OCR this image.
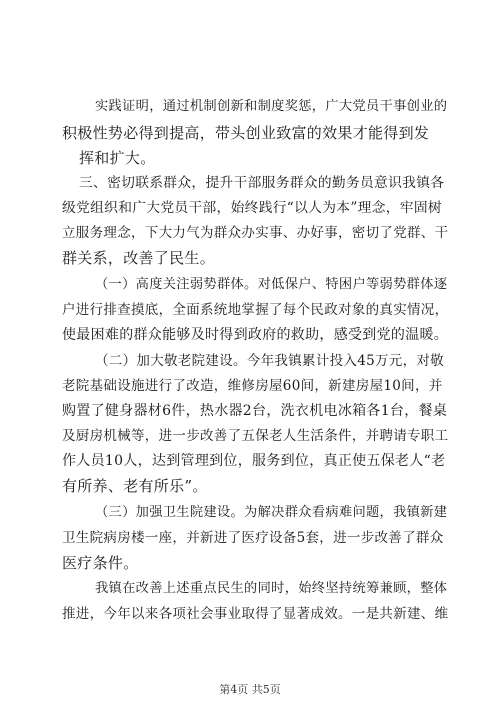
实践证明，通过机制创新和制度奖惩，广大党员干事创业的
积极性势必得到提高，带头创业致富的效果才能得到发
挥和扩大。
三、密切联系群众，提升干部服务群众的勤务员意识我镇各
级党组织和广大党员干部，始终践行“以人为本”理念，牢固树
立服务理念，下大力气为群众办实事、办好事，密切了党群、干
群关系，改善了民生。
（一）高度关注弱势群体。对低保户、特困户等弱势群体逐
户进行排查摸底，全面系统地掌握了每个民政对象的真实情况，
使最困难的群众能够及时得到政府的救助，感受到党的温暖。
（二）加大敬老院建设。今年我镇累计投入45万元，对敬
老院基础设施进行了改造，维修房屋60间，新建房屋10间，并
购置了健身器材6件，热水器2台，洗衣机电冰箱各1台，餐桌
及厨房机械等，进一步改善了五保老人生活条件，并聘请专职工
作人员10人，达到管理到位，服务到位，真正使五保老人“老
有所养、老有所乐”。
（三）加强卫生院建设。为解决群众看病难问题，我镇新建
卫生院病房楼一座，并新进了医疗设备5套，进一步改善了群众
医疗条件。
我镇在改善上述重点民生的同时，始终坚持统筹兼顾，整体
推进，今年以来各项社会事业取得了显著成效。一是共新建、维
第4页 共5页
